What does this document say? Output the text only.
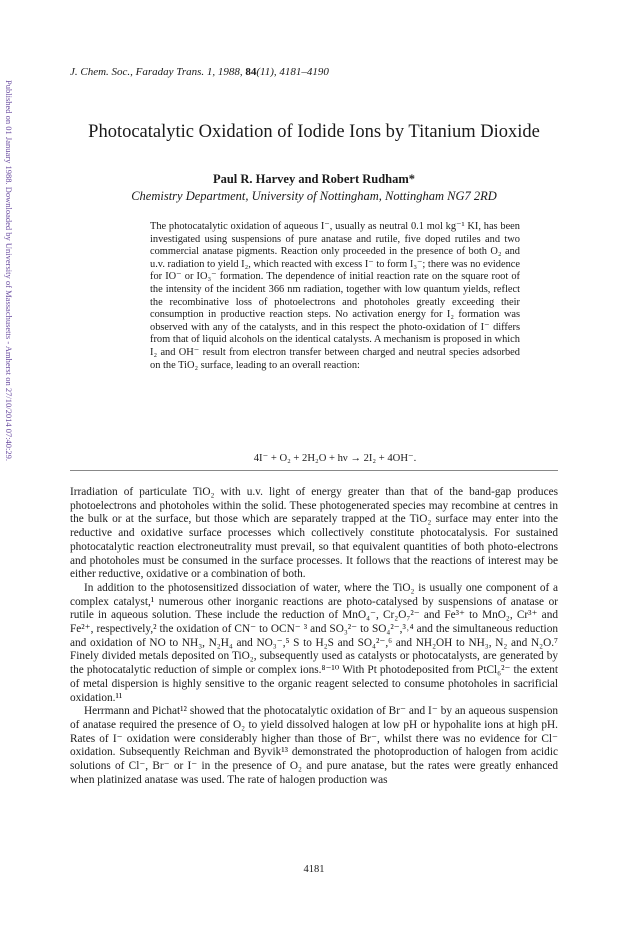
J. Chem. Soc., Faraday Trans. 1, 1988, 84(11), 4181–4190
Published on 01 January 1988. Downloaded by University of Massachusetts - Amherst on 27/10/2014 07:40:29.	Photocatalytic Oxidation of Iodide Ions by Titanium Dioxide
Paul R. Harvey and Robert Rudham*
Chemistry Department, University of Nottingham, Nottingham NG7 2RD
The photocatalytic oxidation of aqueous I⁻, usually as neutral 0.1 mol kg⁻¹ KI, has been investigated using suspensions of pure anatase and rutile, five doped rutiles and two commercial anatase pigments. Reaction only proceeded in the presence of both O₂ and u.v. radiation to yield I₂, which reacted with excess I⁻ to form I₃⁻; there was no evidence for IO⁻ or IO₃⁻ formation. The dependence of initial reaction rate on the square root of the intensity of the incident 366 nm radiation, together with low quantum yields, reflect the recombinative loss of photoelectrons and photoholes greatly exceeding their consumption in productive reaction steps. No activation energy for I₂ formation was observed with any of the catalysts, and in this respect the photo-oxidation of I⁻ differs from that of liquid alcohols on the identical catalysts. A mechanism is proposed in which I₂ and OH⁻ result from electron transfer between charged and neutral species adsorbed on the TiO₂ surface, leading to an overall reaction:
4I⁻ + O₂ + 2H₂O + hν → 2I₂ + 4OH⁻.

Irradiation of particulate TiO₂ with u.v. light of energy greater than that of the band-gap produces photoelectrons and photoholes within the solid. These photogenerated species may recombine at centres in the bulk or at the surface, but those which are separately trapped at the TiO₂ surface may enter into the reductive and oxidative surface processes which collectively constitute photocatalysis. For sustained photocatalytic reaction electroneutrality must prevail, so that equivalent quantities of both photo-electrons and photoholes must be consumed in the surface processes. It follows that the reactions of interest may be either reductive, oxidative or a combination of both.

In addition to the photosensitized dissociation of water, where the TiO₂ is usually one component of a complex catalyst,¹ numerous other inorganic reactions are photo-catalysed by suspensions of anatase or rutile in aqueous solution. These include the reduction of MnO₄⁻, Cr₂O₇²⁻ and Fe³⁺ to MnO₂, Cr³⁺ and Fe²⁺, respectively,² the oxidation of CN⁻ to OCN⁻ ³ and SO₃²⁻ to SO₄²⁻,³˒⁴ and the simultaneous reduction and oxidation of NO to NH₃, N₂H₄ and NO₃⁻,⁵ S to H₂S and SO₄²⁻,⁶ and NH₂OH to NH₃, N₂ and N₂O.⁷ Finely divided metals deposited on TiO₂, subsequently used as catalysts or photocatalysts, are generated by the photocatalytic reduction of simple or complex ions.⁸⁻¹⁰ With Pt photodeposited from PtCl₆²⁻ the extent of metal dispersion is highly sensitive to the organic reagent selected to consume photoholes in sacrificial oxidation.¹¹

Herrmann and Pichat¹² showed that the photocatalytic oxidation of Br⁻ and I⁻ by an aqueous suspension of anatase required the presence of O₂ to yield dissolved halogen at low pH or hypohalite ions at high pH. Rates of I⁻ oxidation were considerably higher than those of Br⁻, whilst there was no evidence for Cl⁻ oxidation. Subsequently Reichman and Byvik¹³ demonstrated the photoproduction of halogen from acidic solutions of Cl⁻, Br⁻ or I⁻ in the presence of O₂ and pure anatase, but the rates were greatly enhanced when platinized anatase was used. The rate of halogen production was

4181
